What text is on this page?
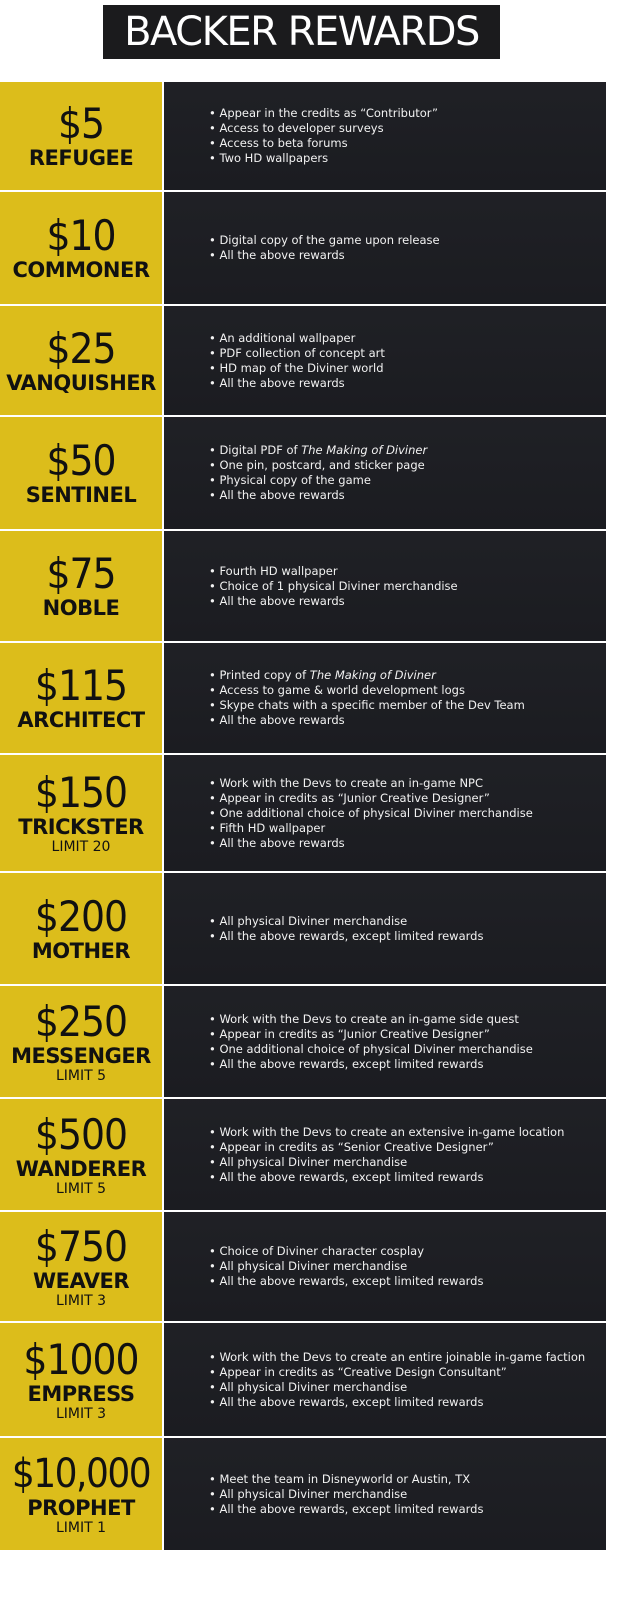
BACKER REWARDS
$5
REFUGEE
• Appear in the credits as “Contributor”
• Access to developer surveys
• Access to beta forums
• Two HD wallpapers
$10
COMMONER
• Digital copy of the game upon release
• All the above rewards
$25
VANQUISHER
• An additional wallpaper
• PDF collection of concept art
• HD map of the Diviner world
• All the above rewards
$50
SENTINEL
• Digital PDF of The Making of Diviner
• One pin, postcard, and sticker page
• Physical copy of the game
• All the above rewards
$75
NOBLE
• Fourth HD wallpaper
• Choice of 1 physical Diviner merchandise
• All the above rewards
$115
ARCHITECT
• Printed copy of The Making of Diviner
• Access to game & world development logs
• Skype chats with a specific member of the Dev Team
• All the above rewards
$150
TRICKSTER
LIMIT 20
• Work with the Devs to create an in-game NPC
• Appear in credits as “Junior Creative Designer”
• One additional choice of physical Diviner merchandise
• Fifth HD wallpaper
• All the above rewards
$200
MOTHER
• All physical Diviner merchandise
• All the above rewards, except limited rewards
$250
MESSENGER
LIMIT 5
• Work with the Devs to create an in-game side quest
• Appear in credits as “Junior Creative Designer”
• One additional choice of physical Diviner merchandise
• All the above rewards, except limited rewards
$500
WANDERER
LIMIT 5
• Work with the Devs to create an extensive in-game location
• Appear in credits as “Senior Creative Designer”
• All physical Diviner merchandise
• All the above rewards, except limited rewards
$750
WEAVER
LIMIT 3
• Choice of Diviner character cosplay
• All physical Diviner merchandise
• All the above rewards, except limited rewards
$1000
EMPRESS
LIMIT 3
• Work with the Devs to create an entire joinable in-game faction
• Appear in credits as “Creative Design Consultant”
• All physical Diviner merchandise
• All the above rewards, except limited rewards
$10,000
PROPHET
LIMIT 1
• Meet the team in Disneyworld or Austin, TX
• All physical Diviner merchandise
• All the above rewards, except limited rewards
